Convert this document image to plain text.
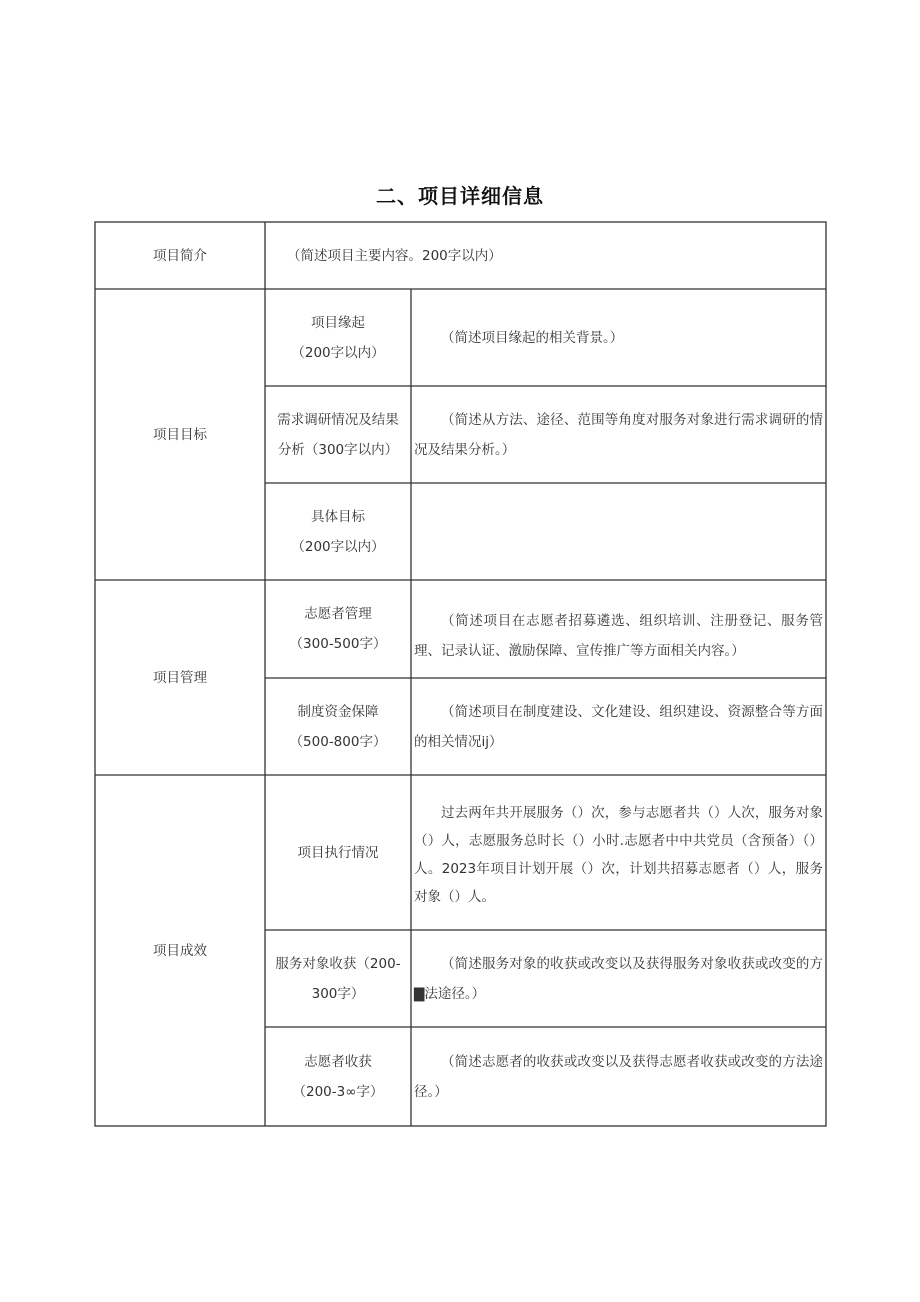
二、项目详细信息
项目简介	（简述项目主要内容。200字以内）
项目目标
项目缘起
（200字以内）
（简述项目缘起的相关背景。）
需求调研情况及结果
分析（300字以内）
（简述从方法、途径、范围等角度对服务对象进行需求调研的情况及结果分析。）
具体目标
（200字以内）
项目管理
志愿者管理
（300-500字）
（简述项目在志愿者招募遴选、组织培训、注册登记、服务管理、记录认证、激励保障、宣传推广等方面相关内容。）
制度资金保障
（500-800字）
（简述项目在制度建设、文化建设、组织建设、资源整合等方面的相关情况ij）
项目成效
项目执行情况
过去两年共开展服务（）次，参与志愿者共（）人次，服务对象（）人，志愿服务总时长（）小时.志愿者中中共党员（含预备）（）人。2023年项目计划开展（）次，计划共招募志愿者（）人，服务对象（）人。
服务对象收获（200-
300字）
（简述服务对象的收获或改变以及获得服务对象收获或改变的方▇法途径。）
志愿者收获
（200-3∞字）
（简述志愿者的收获或改变以及获得志愿者收获或改变的方法途径。）
